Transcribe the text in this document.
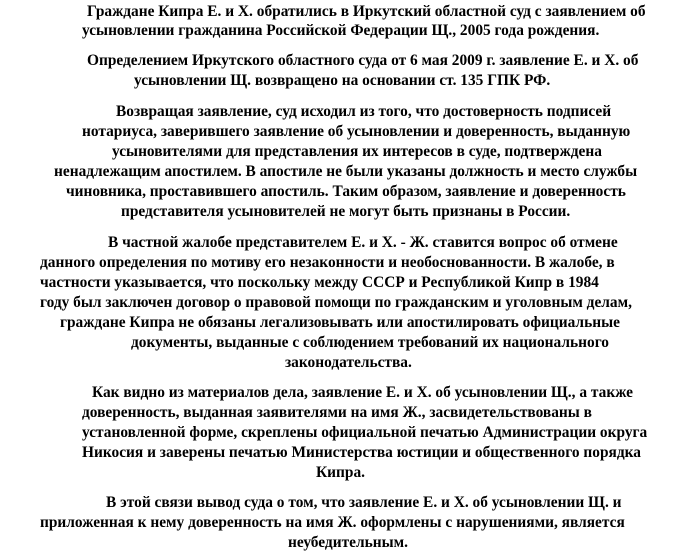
Граждане Кипра Е. и Х. обратились в Иркутский областной суд с заявлением об
усыновлении гражданина Российской Федерации Щ., 2005 года рождения.
Определением Иркутского областного суда от 6 мая 2009 г. заявление Е. и Х. об
усыновлении Щ. возвращено на основании ст. 135 ГПК РФ.
Возвращая заявление, суд исходил из того, что достоверность подписей
нотариуса, заверившего заявление об усыновлении и доверенность, выданную
усыновителями для представления их интересов в суде, подтверждена
ненадлежащим апостилем. В апостиле не были указаны должность и место службы
чиновника, проставившего апостиль. Таким образом, заявление и доверенность
представителя усыновителей не могут быть признаны в России.
В частной жалобе представителем Е. и Х. - Ж. ставится вопрос об отмене
данного определения по мотиву его незаконности и необоснованности. В жалобе, в
частности указывается, что поскольку между СССР и Республикой Кипр в 1984
году был заключен договор о правовой помощи по гражданским и уголовным делам,
граждане Кипра не обязаны легализовывать или апостилировать официальные
документы, выданные с соблюдением требований их национального
законодательства.
Как видно из материалов дела, заявление Е. и Х. об усыновлении Щ., а также
доверенность, выданная заявителями на имя Ж., засвидетельствованы в
установленной форме, скреплены официальной печатью Администрации округа
Никосия и заверены печатью Министерства юстиции и общественного порядка
Кипра.
В этой связи вывод суда о том, что заявление Е. и Х. об усыновлении Щ. и
приложенная к нему доверенность на имя Ж. оформлены с нарушениями, является
неубедительным.
